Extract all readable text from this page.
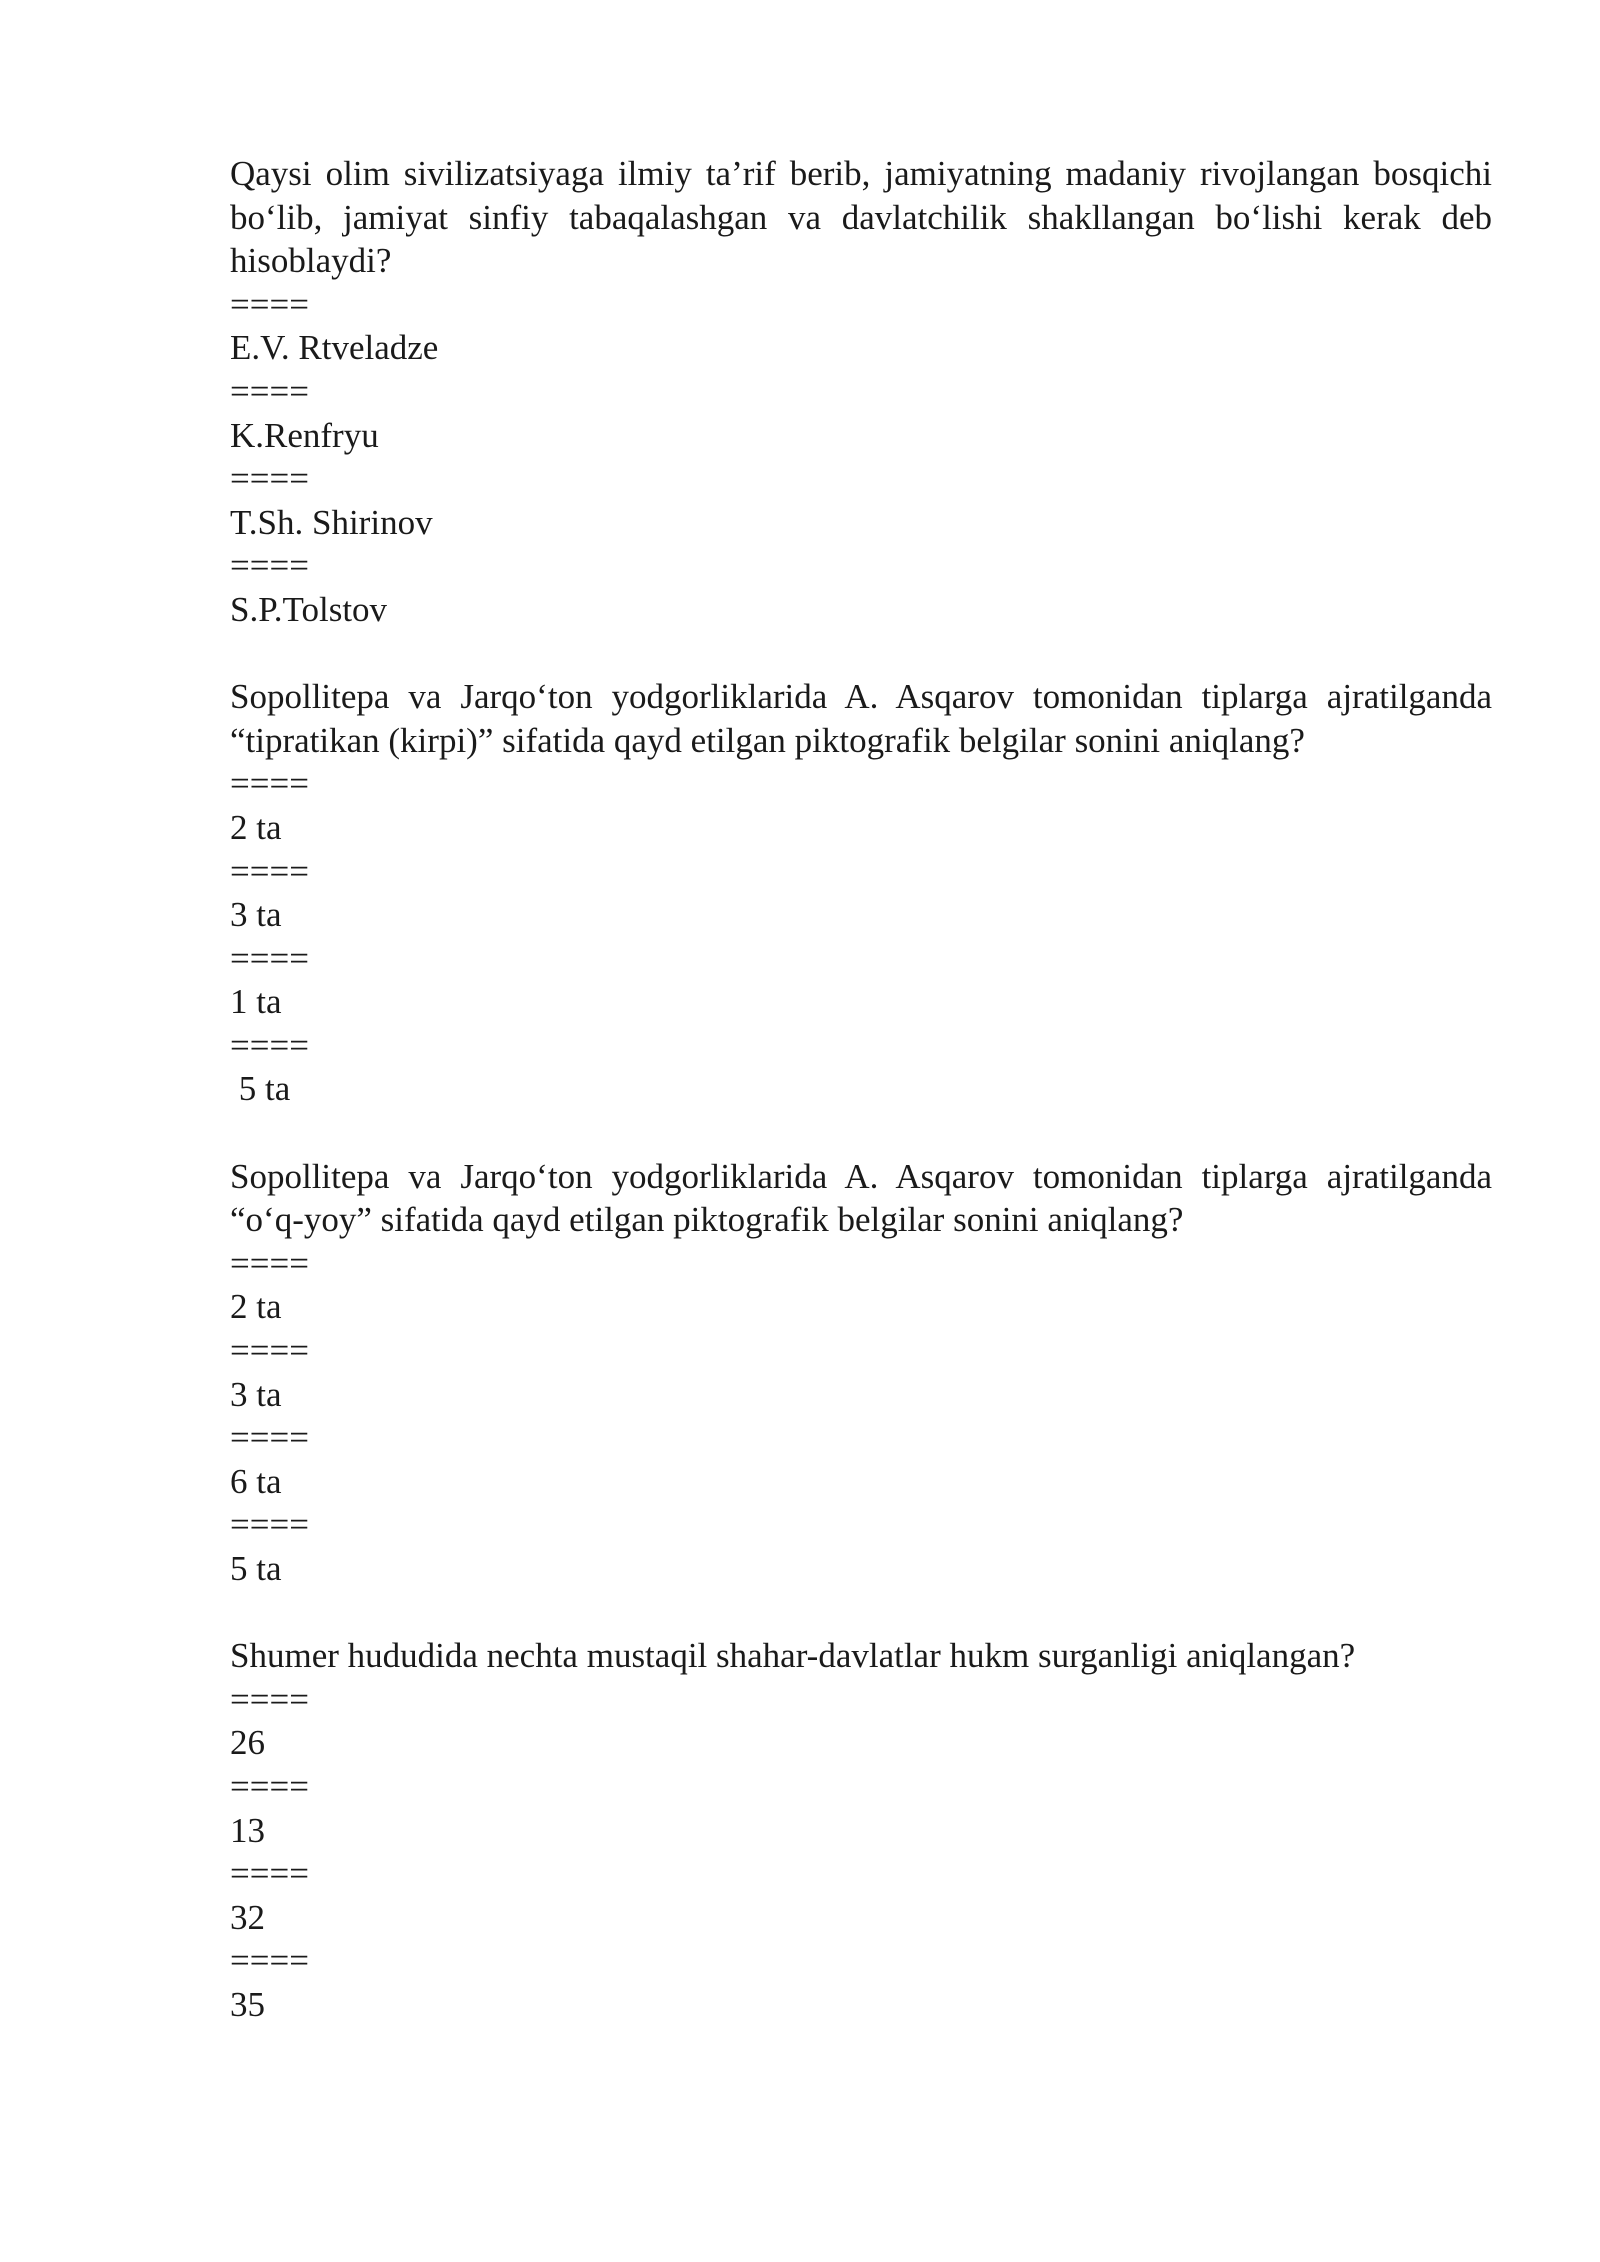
Qaysi olim sivilizatsiyaga ilmiy ta’rif berib, jamiyatning madaniy rivojlangan bosqichi bo‘lib, jamiyat sinfiy tabaqalashgan va davlatchilik shakllangan bo‘lishi kerak deb hisoblaydi?

====
E.V. Rtveladze
====
K.Renfryu
====
T.Sh. Shirinov
====
S.P.Tolstov

Sopollitepa va Jarqo‘ton yodgorliklarida A. Asqarov tomonidan tiplarga ajratilganda “tipratikan (kirpi)” sifatida qayd etilgan piktografik belgilar sonini aniqlang?

====
2 ta
====
3 ta
====
1 ta
====
5 ta

Sopollitepa va Jarqo‘ton yodgorliklarida A. Asqarov tomonidan tiplarga ajratilganda “o‘q-yoy” sifatida qayd etilgan piktografik belgilar sonini aniqlang?

====
2 ta
====
3 ta
====
6 ta
====
5 ta

Shumer hududida nechta mustaqil shahar-davlatlar hukm surganligi aniqlangan?

====
26
====
13
====
32
====
35
